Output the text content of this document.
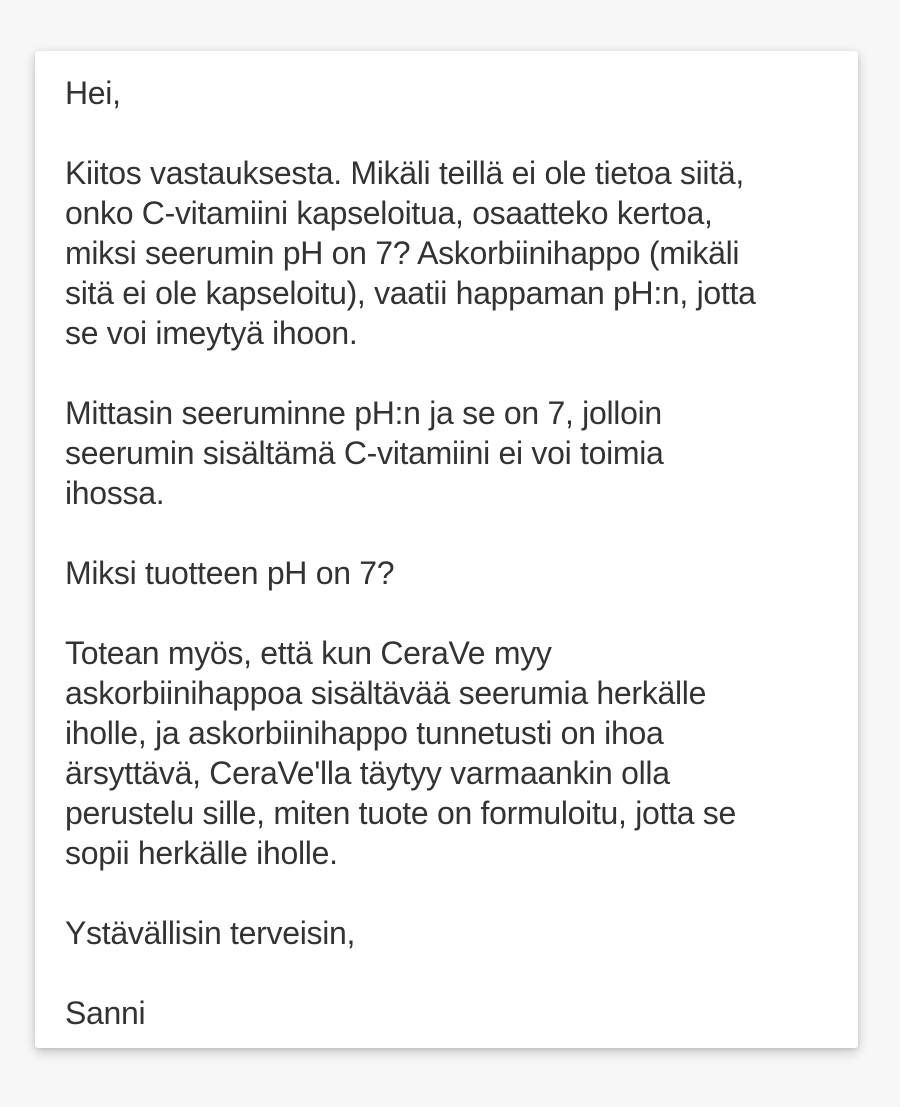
Hei,
Kiitos vastauksesta. Mikäli teillä ei ole tietoa siitä,
onko C-vitamiini kapseloitua, osaatteko kertoa,
miksi seerumin pH on 7? Askorbiinihappo (mikäli
sitä ei ole kapseloitu), vaatii happaman pH:n, jotta
se voi imeytyä ihoon.
Mittasin seeruminne pH:n ja se on 7, jolloin
seerumin sisältämä C-vitamiini ei voi toimia
ihossa.
Miksi tuotteen pH on 7?
Totean myös, että kun CeraVe myy
askorbiinihappoa sisältävää seerumia herkälle
iholle, ja askorbiinihappo tunnetusti on ihoa
ärsyttävä, CeraVe'lla täytyy varmaankin olla
perustelu sille, miten tuote on formuloitu, jotta se
sopii herkälle iholle.
Ystävällisin terveisin,
Sanni
